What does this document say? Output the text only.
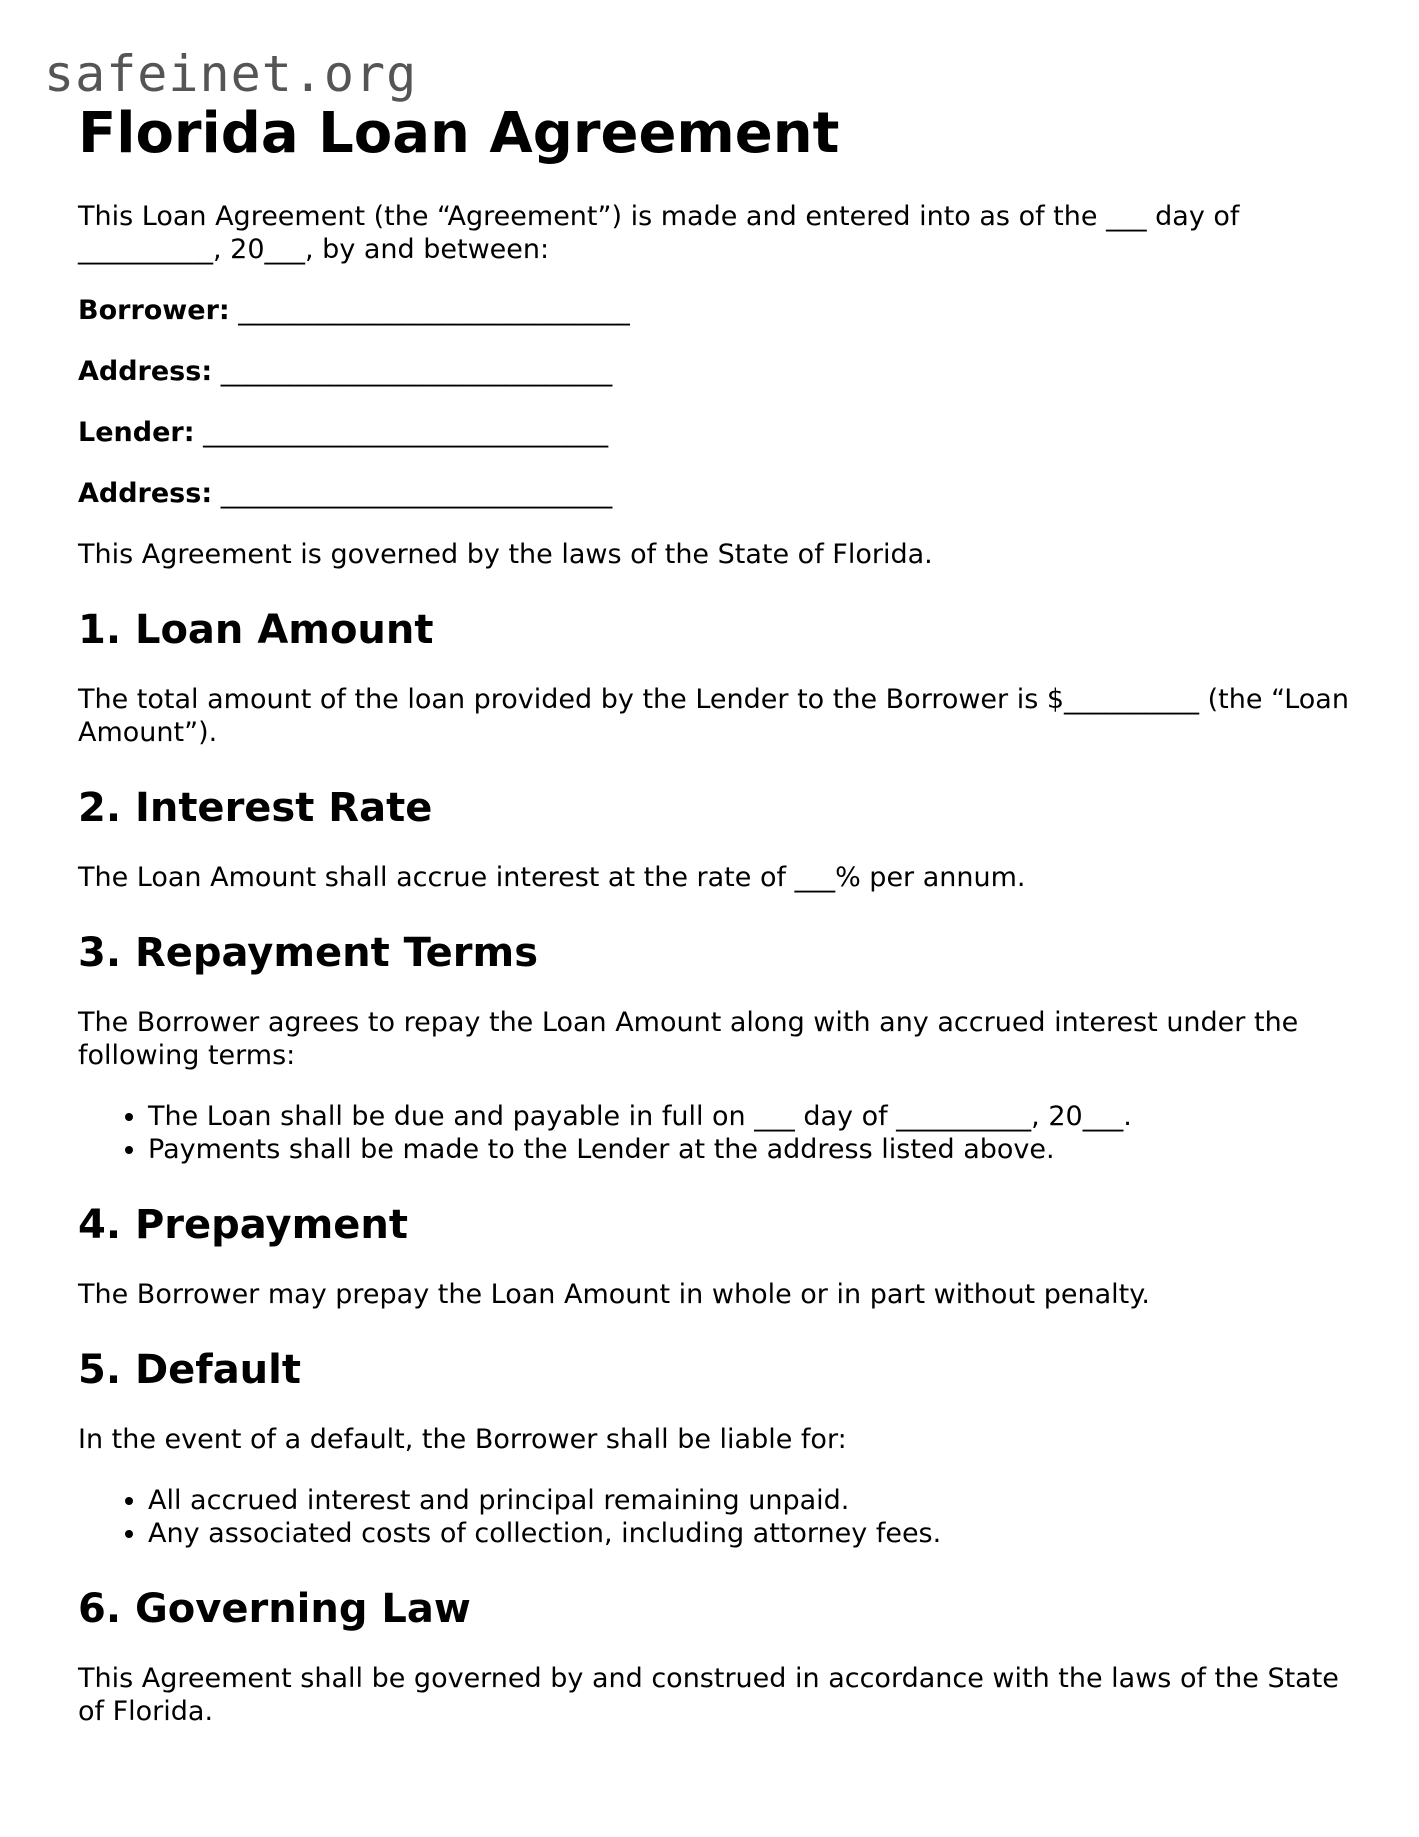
safeinet.org
Florida Loan Agreement

This Loan Agreement (the “Agreement”) is made and entered into as of the ___ day of __________, 20___, by and between:

Borrower: _____________________________

Address: _____________________________

Lender: ______________________________

Address: _____________________________

This Agreement is governed by the laws of the State of Florida.

1. Loan Amount

The total amount of the loan provided by the Lender to the Borrower is $__________ (the “Loan Amount”).

2. Interest Rate

The Loan Amount shall accrue interest at the rate of ___% per annum.

3. Repayment Terms

The Borrower agrees to repay the Loan Amount along with any accrued interest under the following terms:

• The Loan shall be due and payable in full on ___ day of __________, 20___.
• Payments shall be made to the Lender at the address listed above.
4. Prepayment

The Borrower may prepay the Loan Amount in whole or in part without penalty.

5. Default

In the event of a default, the Borrower shall be liable for:

• All accrued interest and principal remaining unpaid.
• Any associated costs of collection, including attorney fees.
6. Governing Law

This Agreement shall be governed by and construed in accordance with the laws of the State of Florida.
